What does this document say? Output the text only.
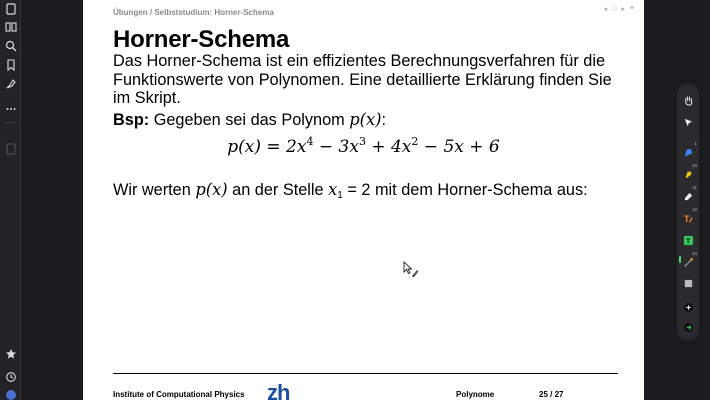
Übungen / Selbststudium: Horner-Schema	◂ □ ▸ ≡
Horner-Schema
Das Horner-Schema ist ein effizientes Berechnungsverfahren für die Funktionswerte von Polynomen. Eine detaillierte Erklärung finden Sie im Skript.
Bsp: Gegeben sei das Polynom p(x):
$p(x) = 2x^4 - 3x^3 + 4x^2 - 5x + 6$
Wir werten p(x) an der Stelle $x_1 = 2$ mit dem Horner-Schema aus:
Institute of Computational Physics zh	Polynome	25 / 27
1
10
11
T
12
T
24
